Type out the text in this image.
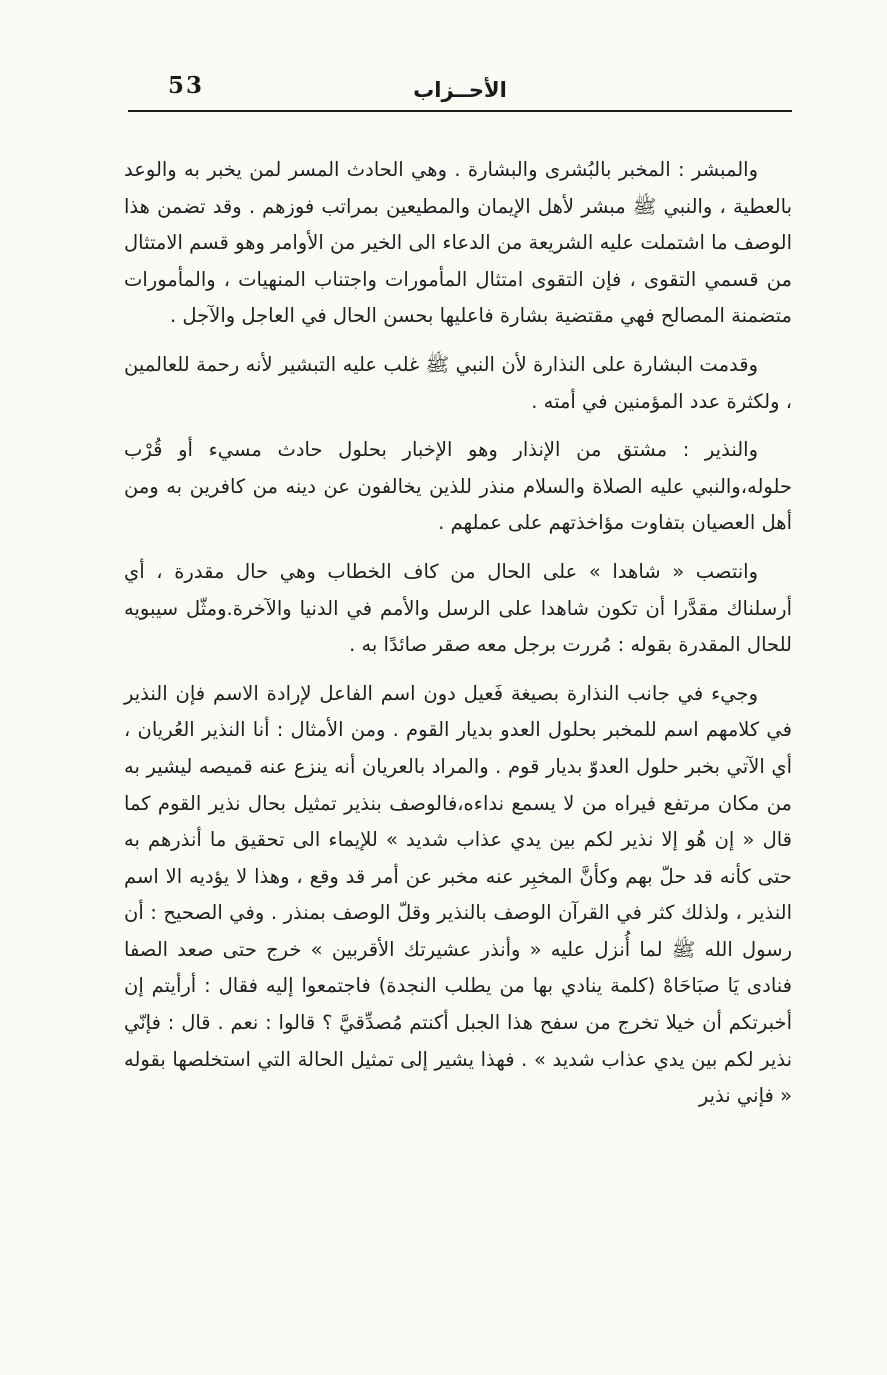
53	الأحــزاب

والمبشر : المخبر بالبُشرى والبشارة . وهي الحادث المسر لمن يخبر به والوعد بالعطية ، والنبي ﷺ مبشر لأهل الإيمان والمطيعين بمراتب فوزهم . وقد تضمن هذا الوصف ما اشتملت عليه الشريعة من الدعاء الى الخير من الأوامر وهو قسم الامتثال من قسمي التقوى ، فإن التقوى امتثال المأمورات واجتناب المنهيات ، والمأمورات متضمنة المصالح فهي مقتضية بشارة فاعليها بحسن الحال في العاجل والآجل .

وقدمت البشارة على النذارة لأن النبي ﷺ غلب عليه التبشير لأنه رحمة للعالمين ، ولكثرة عدد المؤمنين في أمته .

والنذير : مشتق من الإنذار وهو الإخبار بحلول حادث مسيء أو قُرْب حلوله،والنبي عليه الصلاة والسلام منذر للذين يخالفون عن دينه من كافرين به ومن أهل العصيان بتفاوت مؤاخذتهم على عملهم .

وانتصب « شاهدا » على الحال من كاف الخطاب وهي حال مقدرة ، أي أرسلناك مقدَّرا أن تكون شاهدا على الرسل والأمم في الدنيا والآخرة.ومثّل سيبويه للحال المقدرة بقوله : مُررت برجل معه صقر صائدًا به .

وجيء في جانب النذارة بصيغة فَعيل دون اسم الفاعل لإرادة الاسم فإن النذير في كلامهم اسم للمخبر بحلول العدو بديار القوم . ومن الأمثال : أنا النذير العُريان ، أي الآتي بخبر حلول العدوّ بديار قوم . والمراد بالعريان أنه ينزع عنه قميصه ليشير به من مكان مرتفع فيراه من لا يسمع نداءه،فالوصف بنذير تمثيل بحال نذير القوم كما قال « إن هُو إلا نذير لكم بين يدي عذاب شديد » للإيماء الى تحقيق ما أنذرهم به حتى كأنه قد حلّ بهم وكأنَّ المخبِر عنه مخبر عن أمر قد وقع ، وهذا لا يؤديه الا اسم النذير ، ولذلك كثر في القرآن الوصف بالنذير وقلّ الوصف بمنذر . وفي الصحيح : أن رسول الله ﷺ لما أُنزل عليه « وأنذر عشيرتك الأقربين » خرج حتى صعد الصفا فنادى يَا صبَاحَاهْ (كلمة ينادي بها من يطلب النجدة) فاجتمعوا إليه فقال : أرأيتم إن أخبرتكم أن خيلا تخرج من سفح هذا الجبل أكنتم مُصدِّقيَّ ؟ قالوا : نعم . قال : فإنّي نذير لكم بين يدي عذاب شديد » . فهذا يشير إلى تمثيل الحالة التي استخلصها بقوله « فإني نذير
